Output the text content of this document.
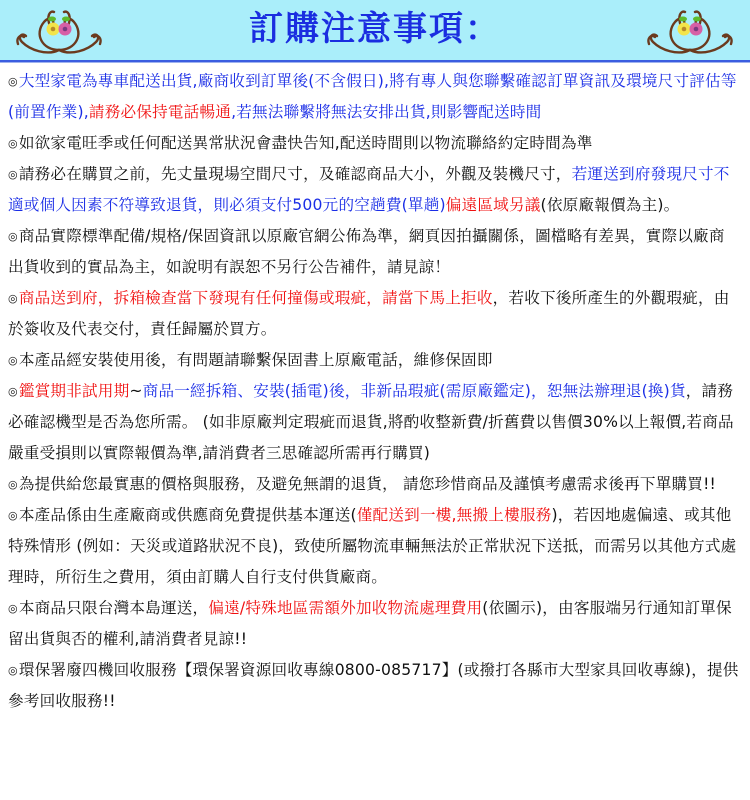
訂購注意事項：

◎大型家電為專車配送出貨,廠商收到訂單後(不含假日),將有專人與您聯繫確認訂單資訊及環境尺寸評估等(前置作業),請務必保持電話暢通,若無法聯繫將無法安排出貨,則影響配送時間

◎如欲家電旺季或任何配送異常狀況會盡快告知,配送時間則以物流聯絡約定時間為準

◎請務必在購買之前，先丈量現場空間尺寸，及確認商品大小，外觀及裝機尺寸，若運送到府發現尺寸不適或個人因素不符導致退貨，則必須支付500元的空趟費(單趟)偏遠區域另議(依原廠報價為主)。

◎商品實際標準配備/規格/保固資訊以原廠官網公佈為準，網頁因拍攝關係，圖檔略有差異，實際以廠商出貨收到的實品為主，如說明有誤恕不另行公告補件，請見諒！

◎商品送到府，拆箱檢查當下發現有任何撞傷或瑕疵，請當下馬上拒收，若收下後所產生的外觀瑕疵，由於簽收及代表交付，責任歸屬於買方。

◎本產品經安裝使用後，有問題請聯繫保固書上原廠電話，維修保固即

◎鑑賞期非試用期~商品一經拆箱、安裝(插電)後，非新品瑕疵(需原廠鑑定)，恕無法辦理退(換)貨，請務必確認機型是否為您所需。 (如非原廠判定瑕疵而退貨,將酌收整新費/折舊費以售價30%以上報價,若商品嚴重受損則以實際報價為準,請消費者三思確認所需再行購買)

◎為提供給您最實惠的價格與服務，及避免無謂的退貨， 請您珍惜商品及謹慎考慮需求後再下單購買!!

◎本產品係由生產廠商或供應商免費提供基本運送(僅配送到一樓,無搬上樓服務)，若因地處偏遠、或其他特殊情形 (例如：天災或道路狀況不良)，致使所屬物流車輛無法於正常狀況下送抵，而需另以其他方式處理時，所衍生之費用，須由訂購人自行支付供貨廠商。

◎本商品只限台灣本島運送，偏遠/特殊地區需額外加收物流處理費用(依圖示)，由客服端另行通知訂單保留出貨與否的權利,請消費者見諒!!

◎環保署廢四機回收服務【環保署資源回收專線0800-085717】(或撥打各縣市大型家具回收專線)，提供參考回收服務!!
